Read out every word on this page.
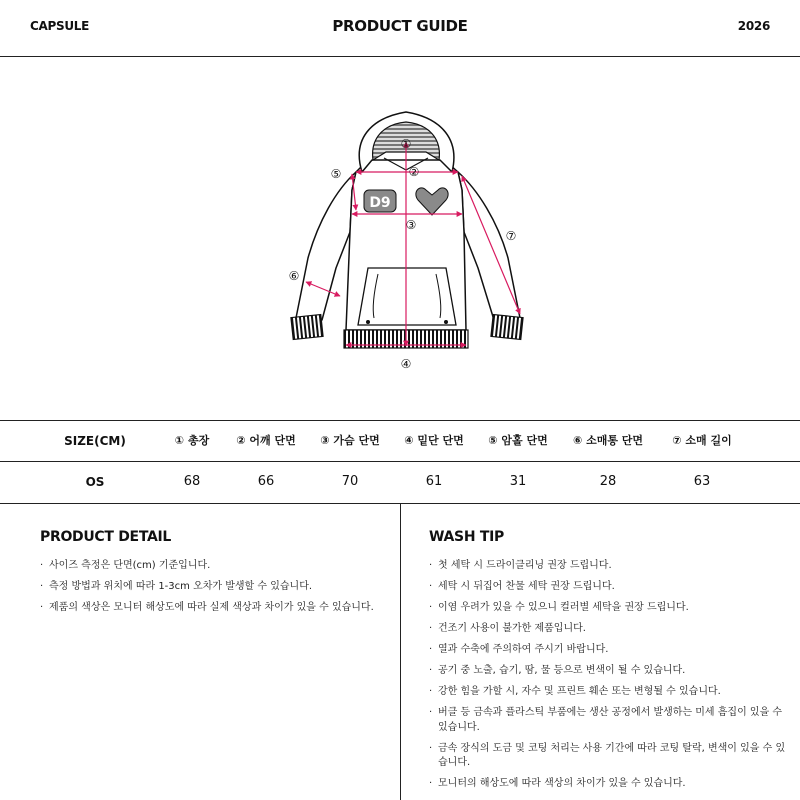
CAPSULE	PRODUCT GUIDE	2026
D9
①
②
③
④
⑤
⑥
⑦
SIZE(CM)	① 총장	② 어깨 단면	③ 가슴 단면	④ 밑단 단면	⑤ 암홀 단면	⑥ 소매통 단면	⑦ 소매 길이
OS	68	66	70	61	31	28	63
PRODUCT DETAIL
· 사이즈 측정은 단면(cm) 기준입니다.
· 측정 방법과 위치에 따라 1-3cm 오차가 발생할 수 있습니다.
· 제품의 색상은 모니터 해상도에 따라 실제 색상과 차이가 있을 수 있습니다.
WASH TIP
· 첫 세탁 시 드라이클리닝 권장 드립니다.
· 세탁 시 뒤집어 찬물 세탁 권장 드립니다.
· 이염 우려가 있을 수 있으니 컬러별 세탁을 권장 드립니다.
· 건조기 사용이 불가한 제품입니다.
· 열과 수축에 주의하여 주시기 바랍니다.
· 공기 중 노출, 습기, 땀, 물 등으로 변색이 될 수 있습니다.
· 강한 힘을 가할 시, 자수 및 프린트 훼손 또는 변형될 수 있습니다.
· 버클 등 금속과 플라스틱 부품에는 생산 공정에서 발생하는 미세 흠집이 있을 수 있습니다.
· 금속 장식의 도금 및 코팅 처리는 사용 기간에 따라 코팅 탈락, 변색이 있을 수 있습니다.
· 모니터의 해상도에 따라 색상의 차이가 있을 수 있습니다.
